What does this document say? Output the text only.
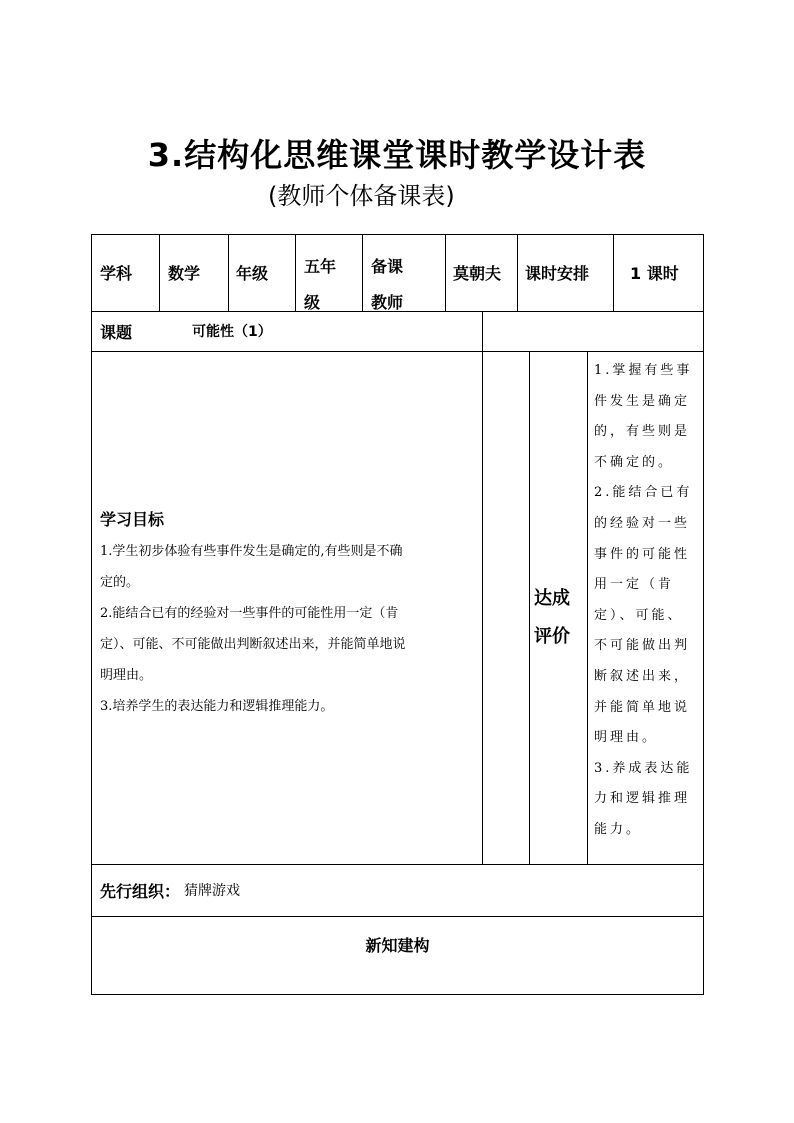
3.结构化思维课堂课时教学设计表
(教师个体备课表)
学科 数学 年级 五年
级
备课
教师
莫朝夫 课时安排	1 课时
课题	可能性（1）
学习目标
1.学生初步体验有些事件发生是确定的,有些则是不确
定的。
2.能结合已有的经验对一些事件的可能性用一定（肯
定）、可能、不可能做出判断叙述出来，并能简单地说
明理由。
3.培养学生的表达能力和逻辑推理能力。
达成
评价
1.掌握有些事
件发生是确定
的，有些则是
不确定的。
2.能结合已有
的经验对一些
事件的可能性
用一定（肯
定）、可能、
不可能做出判
断叙述出来，
并能简单地说
明理由。
3.养成表达能
力和逻辑推理
能力。
先行组织： 猜牌游戏
新知建构
